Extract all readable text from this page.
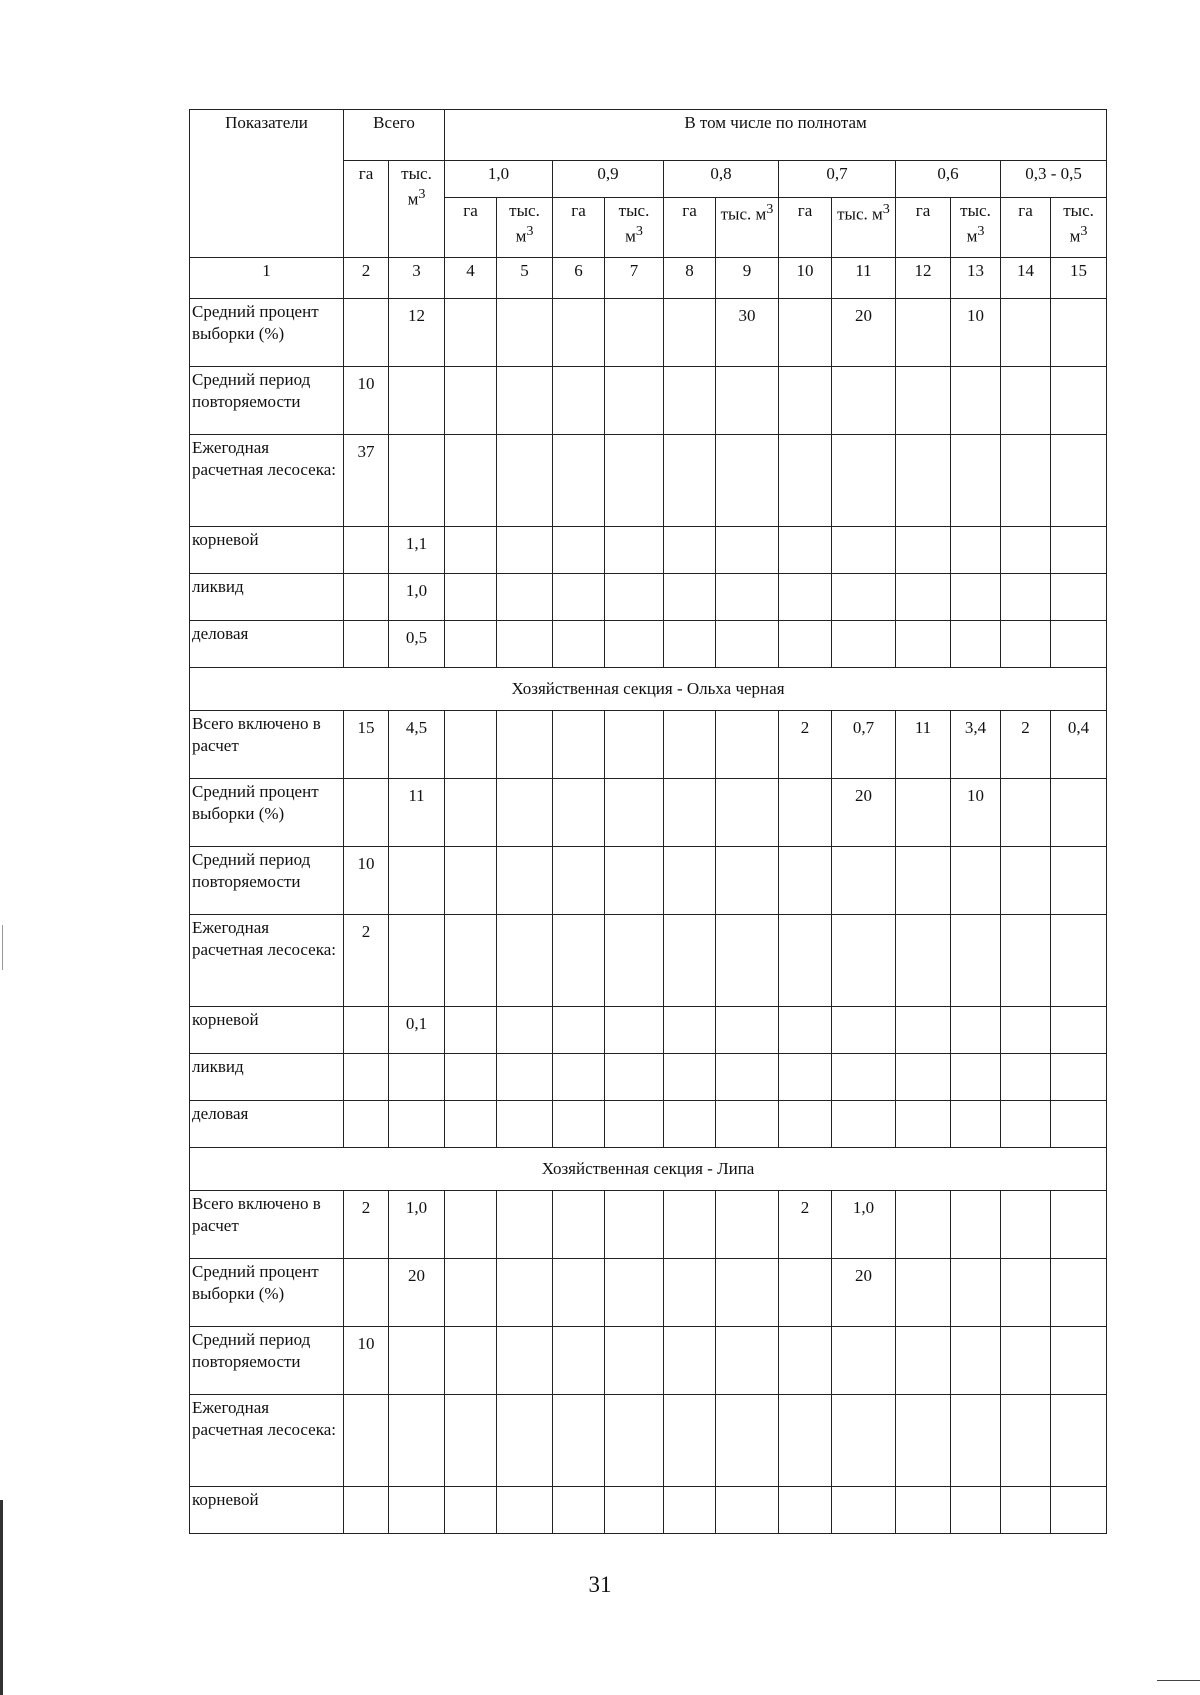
Показатели	Всего		В том числе по полнотам											
	га	тыс. $м^3$	1,0		0,9		0,8		0,7		0,6		0,3 - 0,5	
			га	тыс. $м^3$	га	тыс. $м^3$	га	тыс. $м^3$	га	тыс. $м^3$	га	тыс. $м^3$	га	тыс. $м^3$
1	2	3	4	5	6	7	8	9	10	11	12	13	14	15
Средний процент выборки (%)		12						30		20		10		
Средний период повторяемости	10													
Ежегодная расчетная лесосека:	37													
корневой		1,1												
ликвид		1,0												
деловая		0,5												
Хозяйственная секция - Ольха черная														
Всего включено в расчет	15	4,5							2	0,7	11	3,4	2	0,4
Средний процент выборки (%)		11								20		10		
Средний период повторяемости	10													
Ежегодная расчетная лесосека:	2													
корневой		0,1												
ликвид														
деловая														
Хозяйственная секция - Липа														
Всего включено в расчет	2	1,0							2	1,0				
Средний процент выборки (%)		20								20				
Средний период повторяемости	10													
Ежегодная расчетная лесосека:														
корневой														
31
